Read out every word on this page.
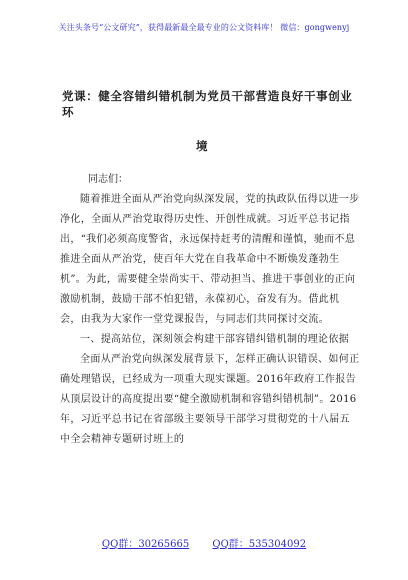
关注头条号“公文研究”，获得最新最全最专业的公文资料库！ 微信：gongwenyj
党课：健全容错纠错机制为党员干部营造良好干事创业环
境
同志们：

随着推进全面从严治党向纵深发展，党的执政队伍得以进一步净化，全面从严治党取得历史性、开创性成就。习近平总书记指出，“我们必须高度警省，永远保持赶考的清醒和谨慎，驰而不息推进全面从严治党，使百年大党在自我革命中不断焕发蓬勃生机”。为此，需要健全崇尚实干、带动担当、推进干事创业的正向激励机制，鼓励干部不怕犯错，永葆初心，奋发有为。借此机会，由我为大家作一堂党课报告，与同志们共同探讨交流。

一、提高站位，深刻领会构建干部容错纠错机制的理论依据

全面从严治党向纵深发展背景下，怎样正确认识错误、如何正确处理错误，已经成为一项重大现实课题。2016年政府工作报告从顶层设计的高度提出要“健全激励机制和容错纠错机制”。2016年，习近平总书记在省部级主要领导干部学习贯彻党的十八届五中全会精神专题研讨班上的

QQ群：30265665 QQ群：535304092
